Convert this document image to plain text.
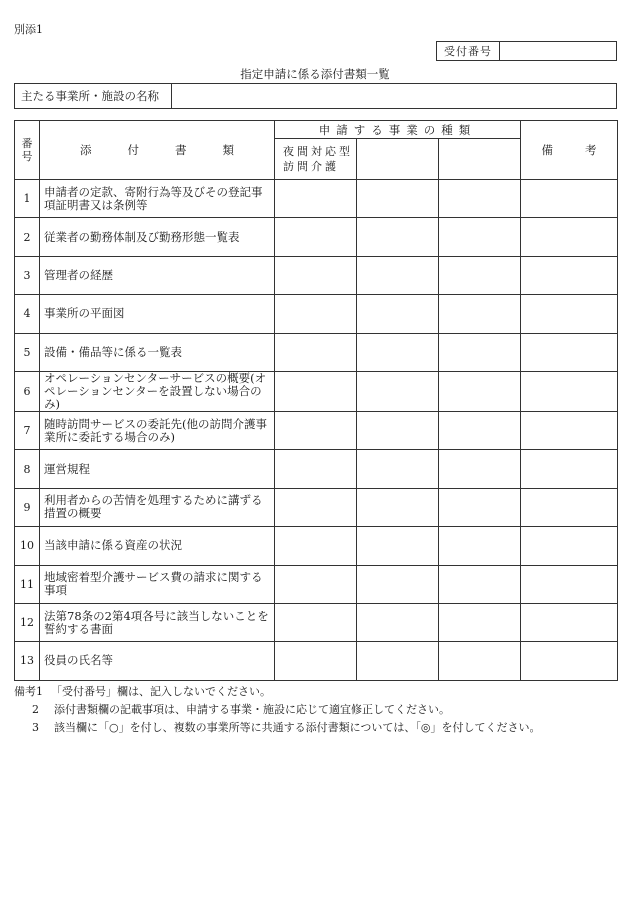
別添1
受付番号
指定申請に係る添付書類一覧
主たる事業所・施設の名称
番
号	添 付 書 類	申請する事業の種類			備 考

		夜間対応型
訪問介護			

1	申請者の定款、寄附行為等及びその登記事項証明書又は条例等				
2	従業者の勤務体制及び勤務形態一覧表				
3	管理者の経歴				
4	事業所の平面図				
5	設備・備品等に係る一覧表				
6	オペレーションセンターサービスの概要(オペレーションセンターを設置しない場合のみ)				
7	随時訪問サービスの委託先(他の訪問介護事業所に委託する場合のみ)				
8	運営規程				
9	利用者からの苦情を処理するために講ずる措置の概要				
10	当該申請に係る資産の状況				
11	地域密着型介護サービス費の請求に関する事項				
12	法第78条の2第4項各号に該当しないことを誓約する書面				
13	役員の氏名等				
備考1 「受付番号」欄は、記入しないでください。
2 添付書類欄の記載事項は、申請する事業・施設に応じて適宜修正してください。
3 該当欄に「○」を付し、複数の事業所等に共通する添付書類については、「◎」を付してください。
